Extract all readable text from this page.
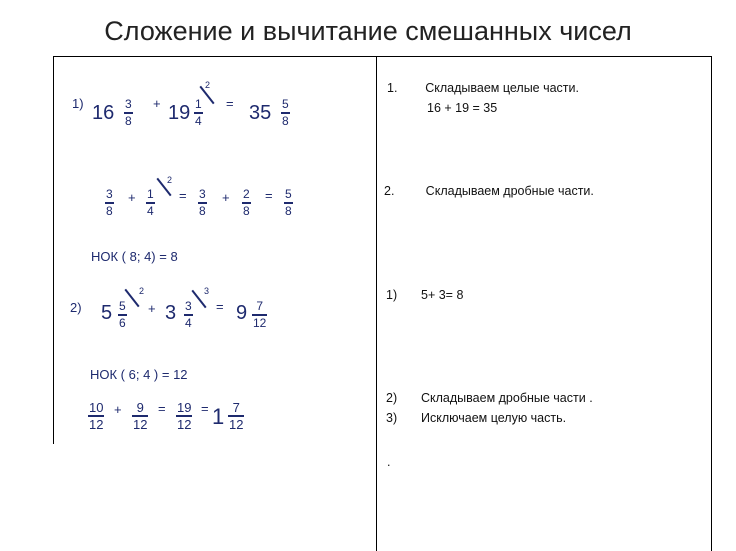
Сложение и вычитание смешанных чисел
1) 16 3
8
+ 19 1
4
2
= 35 5
8
3
8
+ 1
4
2
= 3
8
+ 2
8
= 5
8
НОК ( 8; 4) = 8
2) 5 5
6
2
+ 3 3
4
3
= 9 7
12
НОК ( 6; 4 ) = 12
10
12
+ 9
12
= 19
12
= 1 7
12
1.        Складываем целые части.
16 + 19 = 35
2.         Складываем дробные части.
1) 5+ 3= 8
2) Складываем дробные части .
3) Исключаем целую часть.
.
